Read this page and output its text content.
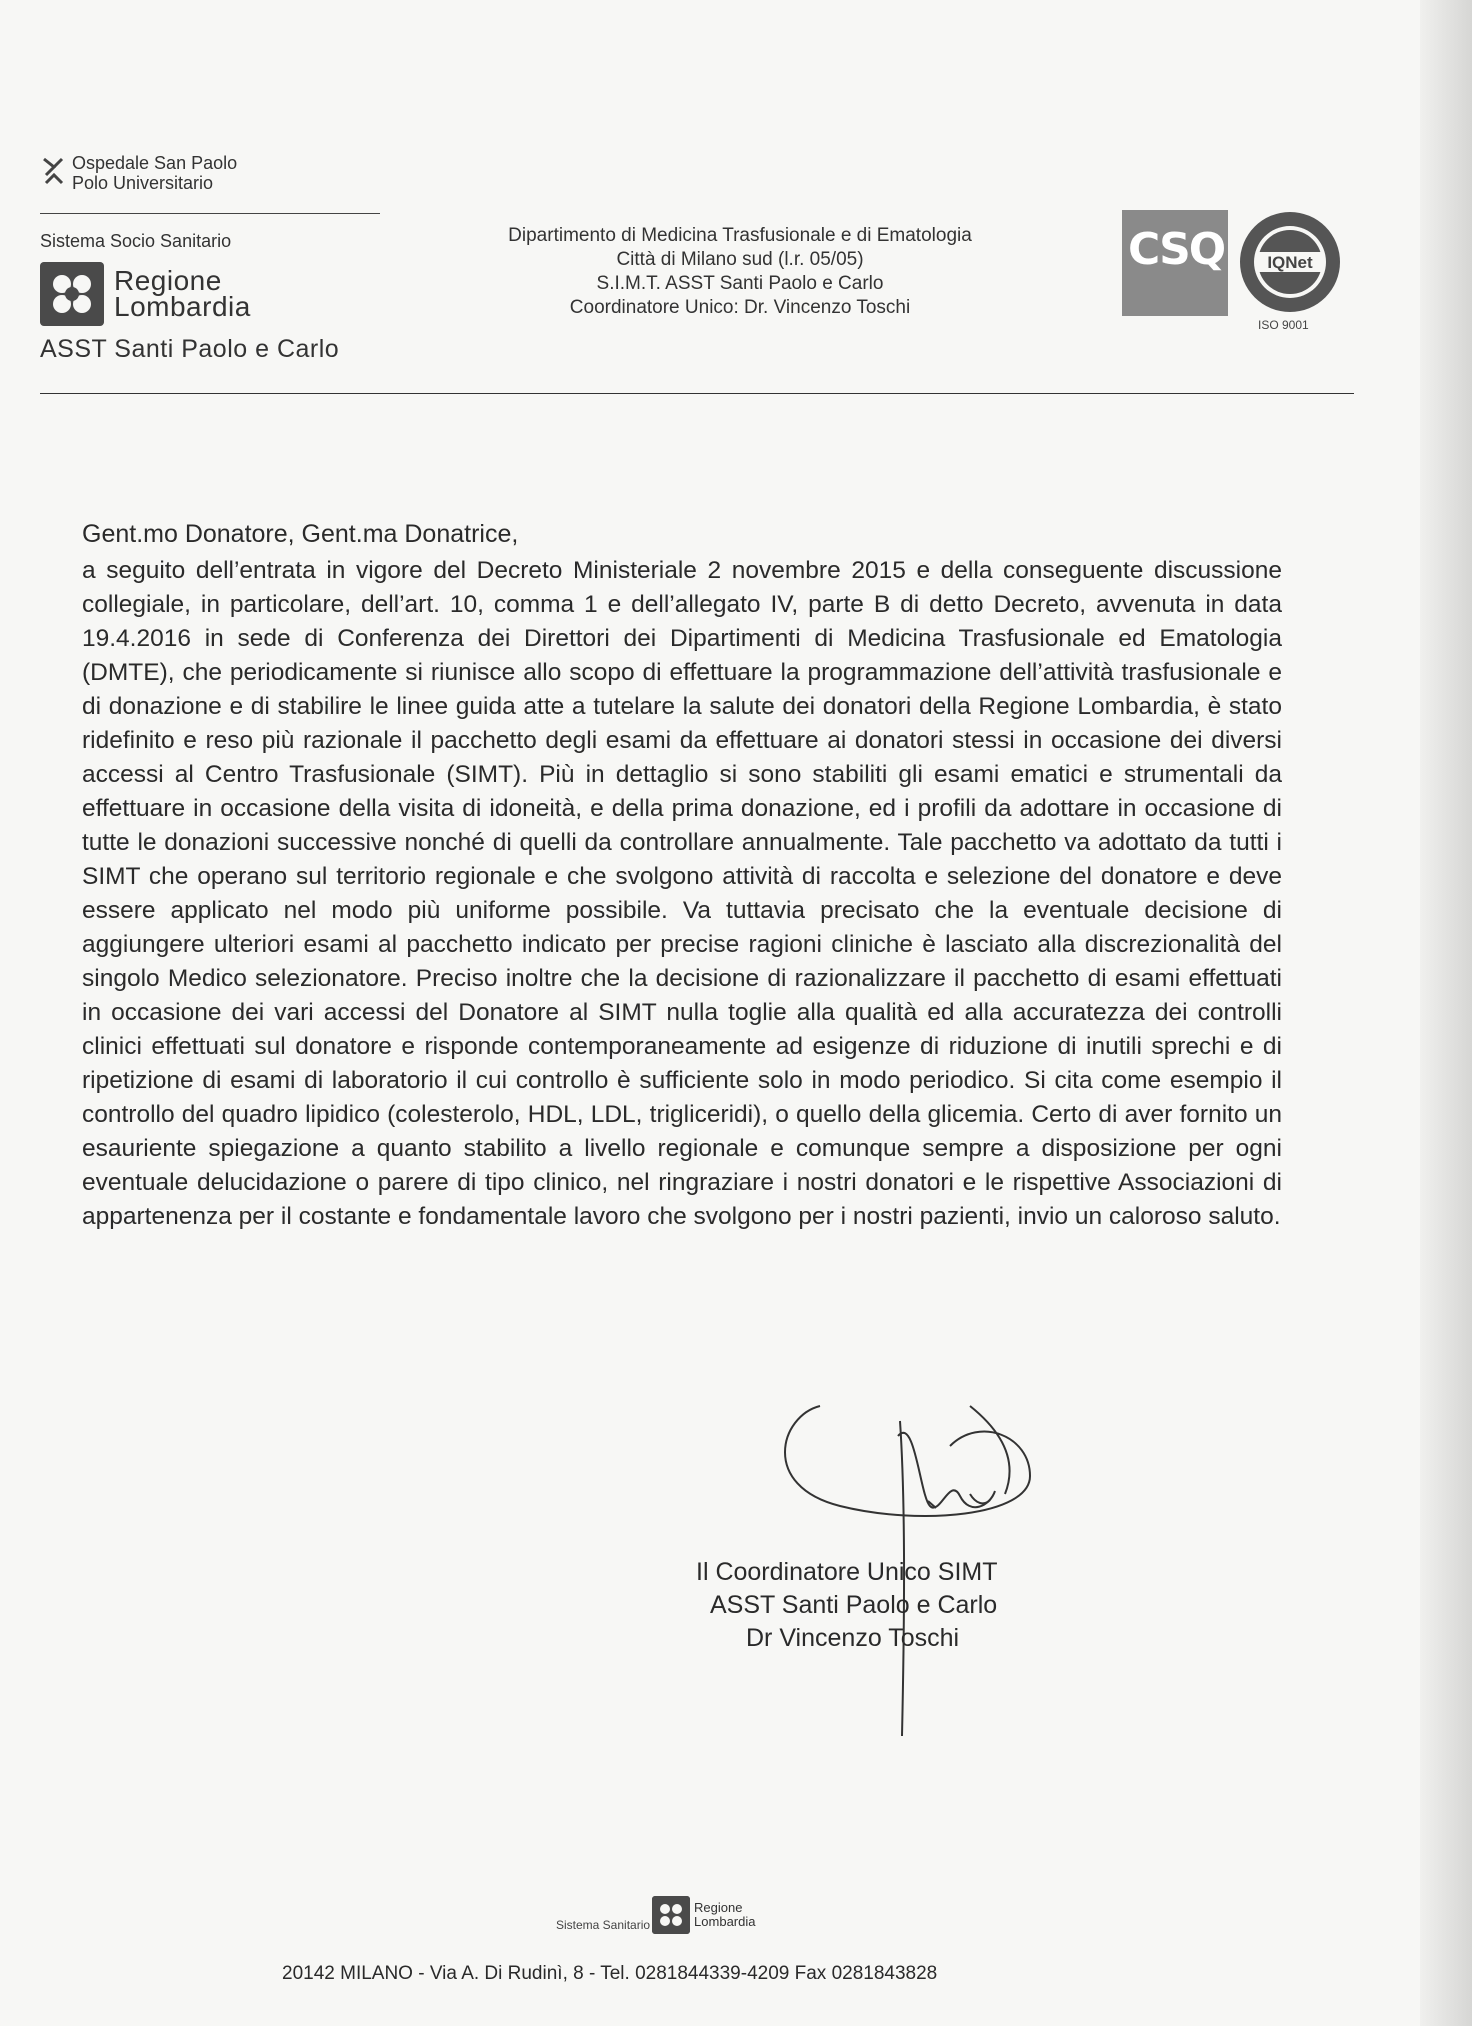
Ospedale San Paolo
Polo Universitario
Sistema Socio Sanitario
Regione
Lombardia
ASST Santi Paolo e Carlo
Dipartimento di Medicina Trasfusionale e di Ematologia
Città di Milano sud (l.r. 05/05)
S.I.M.T. ASST Santi Paolo e Carlo
Coordinatore Unico: Dr. Vincenzo Toschi
CSQ	IQNet
ISO 9001
Gent.mo Donatore, Gent.ma Donatrice,
a seguito dell’entrata in vigore del Decreto Ministeriale 2 novembre 2015 e della conseguente discussione collegiale, in particolare, dell’art. 10, comma 1 e dell’allegato IV, parte B di detto Decreto, avvenuta in data 19.4.2016 in sede di Conferenza dei Direttori dei Dipartimenti di Medicina Trasfusionale ed Ematologia (DMTE), che periodicamente si riunisce allo scopo di effettuare la programmazione dell’attività trasfusionale e di donazione e di stabilire le linee guida atte a tutelare la salute dei donatori della Regione Lombardia, è stato ridefinito e reso più razionale il pacchetto degli esami da effettuare ai donatori stessi in occasione dei diversi accessi al Centro Trasfusionale (SIMT). Più in dettaglio si sono stabiliti gli esami ematici e strumentali da effettuare in occasione della visita di idoneità, e della prima donazione, ed i profili da adottare in occasione di tutte le donazioni successive nonché di quelli da controllare annualmente. Tale pacchetto va adottato da tutti i SIMT che operano sul territorio regionale e che svolgono attività di raccolta e selezione del donatore e deve essere applicato nel modo più uniforme possibile. Va tuttavia precisato che la eventuale decisione di aggiungere ulteriori esami al pacchetto indicato per precise ragioni cliniche è lasciato alla discrezionalità del singolo Medico selezionatore. Preciso inoltre che la decisione di razionalizzare il pacchetto di esami effettuati in occasione dei vari accessi del Donatore al SIMT nulla toglie alla qualità ed alla accuratezza dei controlli clinici effettuati sul donatore e risponde contemporaneamente ad esigenze di riduzione di inutili sprechi e di ripetizione di esami di laboratorio il cui controllo è sufficiente solo in modo periodico. Si cita come esempio il controllo del quadro lipidico (colesterolo, HDL, LDL, trigliceridi), o quello della glicemia. Certo di aver fornito un esauriente spiegazione a quanto stabilito a livello regionale e comunque sempre a disposizione per ogni eventuale delucidazione o parere di tipo clinico, nel ringraziare i nostri donatori e le rispettive Associazioni di appartenenza per il costante e fondamentale lavoro che svolgono per i nostri pazienti, invio un caloroso saluto.
Il Coordinatore Unico SIMT
ASST Santi Paolo e Carlo
Dr Vincenzo Toschi
Sistema Sanitario
Regione
Lombardia
20142 MILANO - Via A. Di Rudinì, 8 - Tel. 0281844339-4209 Fax 0281843828
